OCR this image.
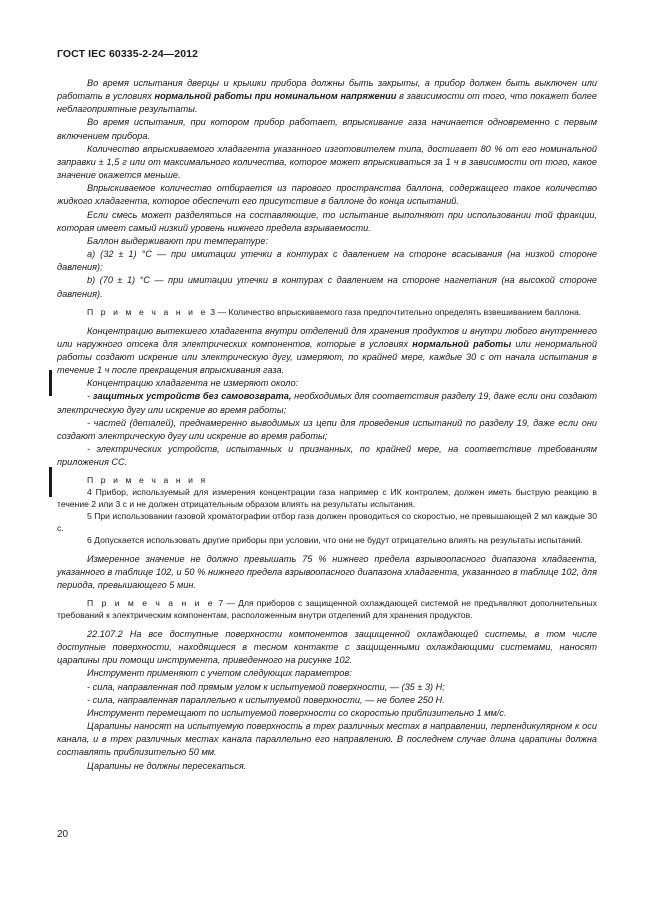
ГОСТ IEC 60335-2-24—2012

Во время испытания дверцы и крышки прибора должны быть закрыты, а прибор должен быть выключен или работать в условиях нормальной работы при номинальном напряжении в зависимости от того, что покажет более неблагоприятные результаты.

Во время испытания, при котором прибор работает, впрыскивание газа начинается одновременно с первым включением прибора.

Количество впрыскиваемого хладагента указанного изготовителем типа, достигает 80 % от его номинальной заправки ± 1,5 г или от максимального количества, которое может впрыскиваться за 1 ч в зависимости от того, какое значение окажется меньше.

Впрыскиваемое количество отбирается из парового пространства баллона, содержащего такое количество жидкого хладагента, которое обеспечит его присутствие в баллоне до конца испытаний.

Если смесь может разделяться на составляющие, то испытание выполняют при использовании той фракции, которая имеет самый низкий уровень нижнего предела взрываемости.

Баллон выдерживают при температуре:

a) (32 ± 1) °C — при имитации утечки в контурах с давлением на стороне всасывания (на низкой стороне давления);

b) (70 ± 1) °C — при имитации утечки в контурах с давлением на стороне нагнетания (на высокой стороне давления).

П р и м е ч а н и е 3 — Количество впрыскиваемого газа предпочтительно определять взвешиванием баллона.

Концентрацию вытекшего хладагента внутри отделений для хранения продуктов и внутри любого внутреннего или наружного отсека для электрических компонентов, которые в условиях нормальной работы или ненормальной работы создают искрение или электрическую дугу, измеряют, по крайней мере, каждые 30 с от начала испытания в течение 1 ч после прекращения впрыскивания газа.

Концентрацию хладагента не измеряют около:

- защитных устройств без самовозврата, необходимых для соответствия разделу 19, даже если они создают электрическую дугу или искрение во время работы;

- частей (деталей), преднамеренно выводимых из цепи для проведения испытаний по разделу 19, даже если они создают электрическую дугу или искрение во время работы;

- электрических устройств, испытанных и признанных, по крайней мере, на соответствие требованиям приложения CC.

П р и м е ч а н и я

4 Прибор, используемый для измерения концентрации газа например с ИК контролем, должен иметь быструю реакцию в течение 2 или 3 с и не должен отрицательным образом влиять на результаты испытания.

5 При использовании газовой хроматографии отбор газа должен проводиться со скоростью, не превышающей 2 мл каждые 30 с.

6 Допускается использовать другие приборы при условии, что они не будут отрицательно влиять на результаты испытаний.

Измеренное значение не должно превышать 75 % нижнего предела взрывоопасного диапазона хладагента, указанного в таблице 102, и 50 % нижнего предела взрывоопасного диапазона хладагента, указанного в таблице 102, для периода, превышающего 5 мин.

П р и м е ч а н и е 7 — Для приборов с защищенной охлаждающей системой не предъявляют дополнительных требований к электрическим компонентам, расположенным внутри отделений для хранения продуктов.

22.107.2 На все доступные поверхности компонентов защищенной охлаждающей системы, в том числе доступные поверхности, находящиеся в тесном контакте с защищенными охлаждающими системами, наносят царапины при помощи инструмента, приведенного на рисунке 102.

Инструмент применяют с учетом следующих параметров:

- сила, направленная под прямым углом к испытуемой поверхности, — (35 ± 3) Н;

- сила, направленная параллельно к испытуемой поверхности, — не более 250 Н.

Инструмент перемещают по испытуемой поверхности со скоростью приблизительно 1 мм/с.

Царапины наносят на испытуемую поверхность в трех различных местах в направлении, перпендикулярном к оси канала, и в трех различных местах канала параллельно его направлению. В последнем случае длина царапины должна составлять приблизительно 50 мм.

Царапины не должны пересекаться.

20
